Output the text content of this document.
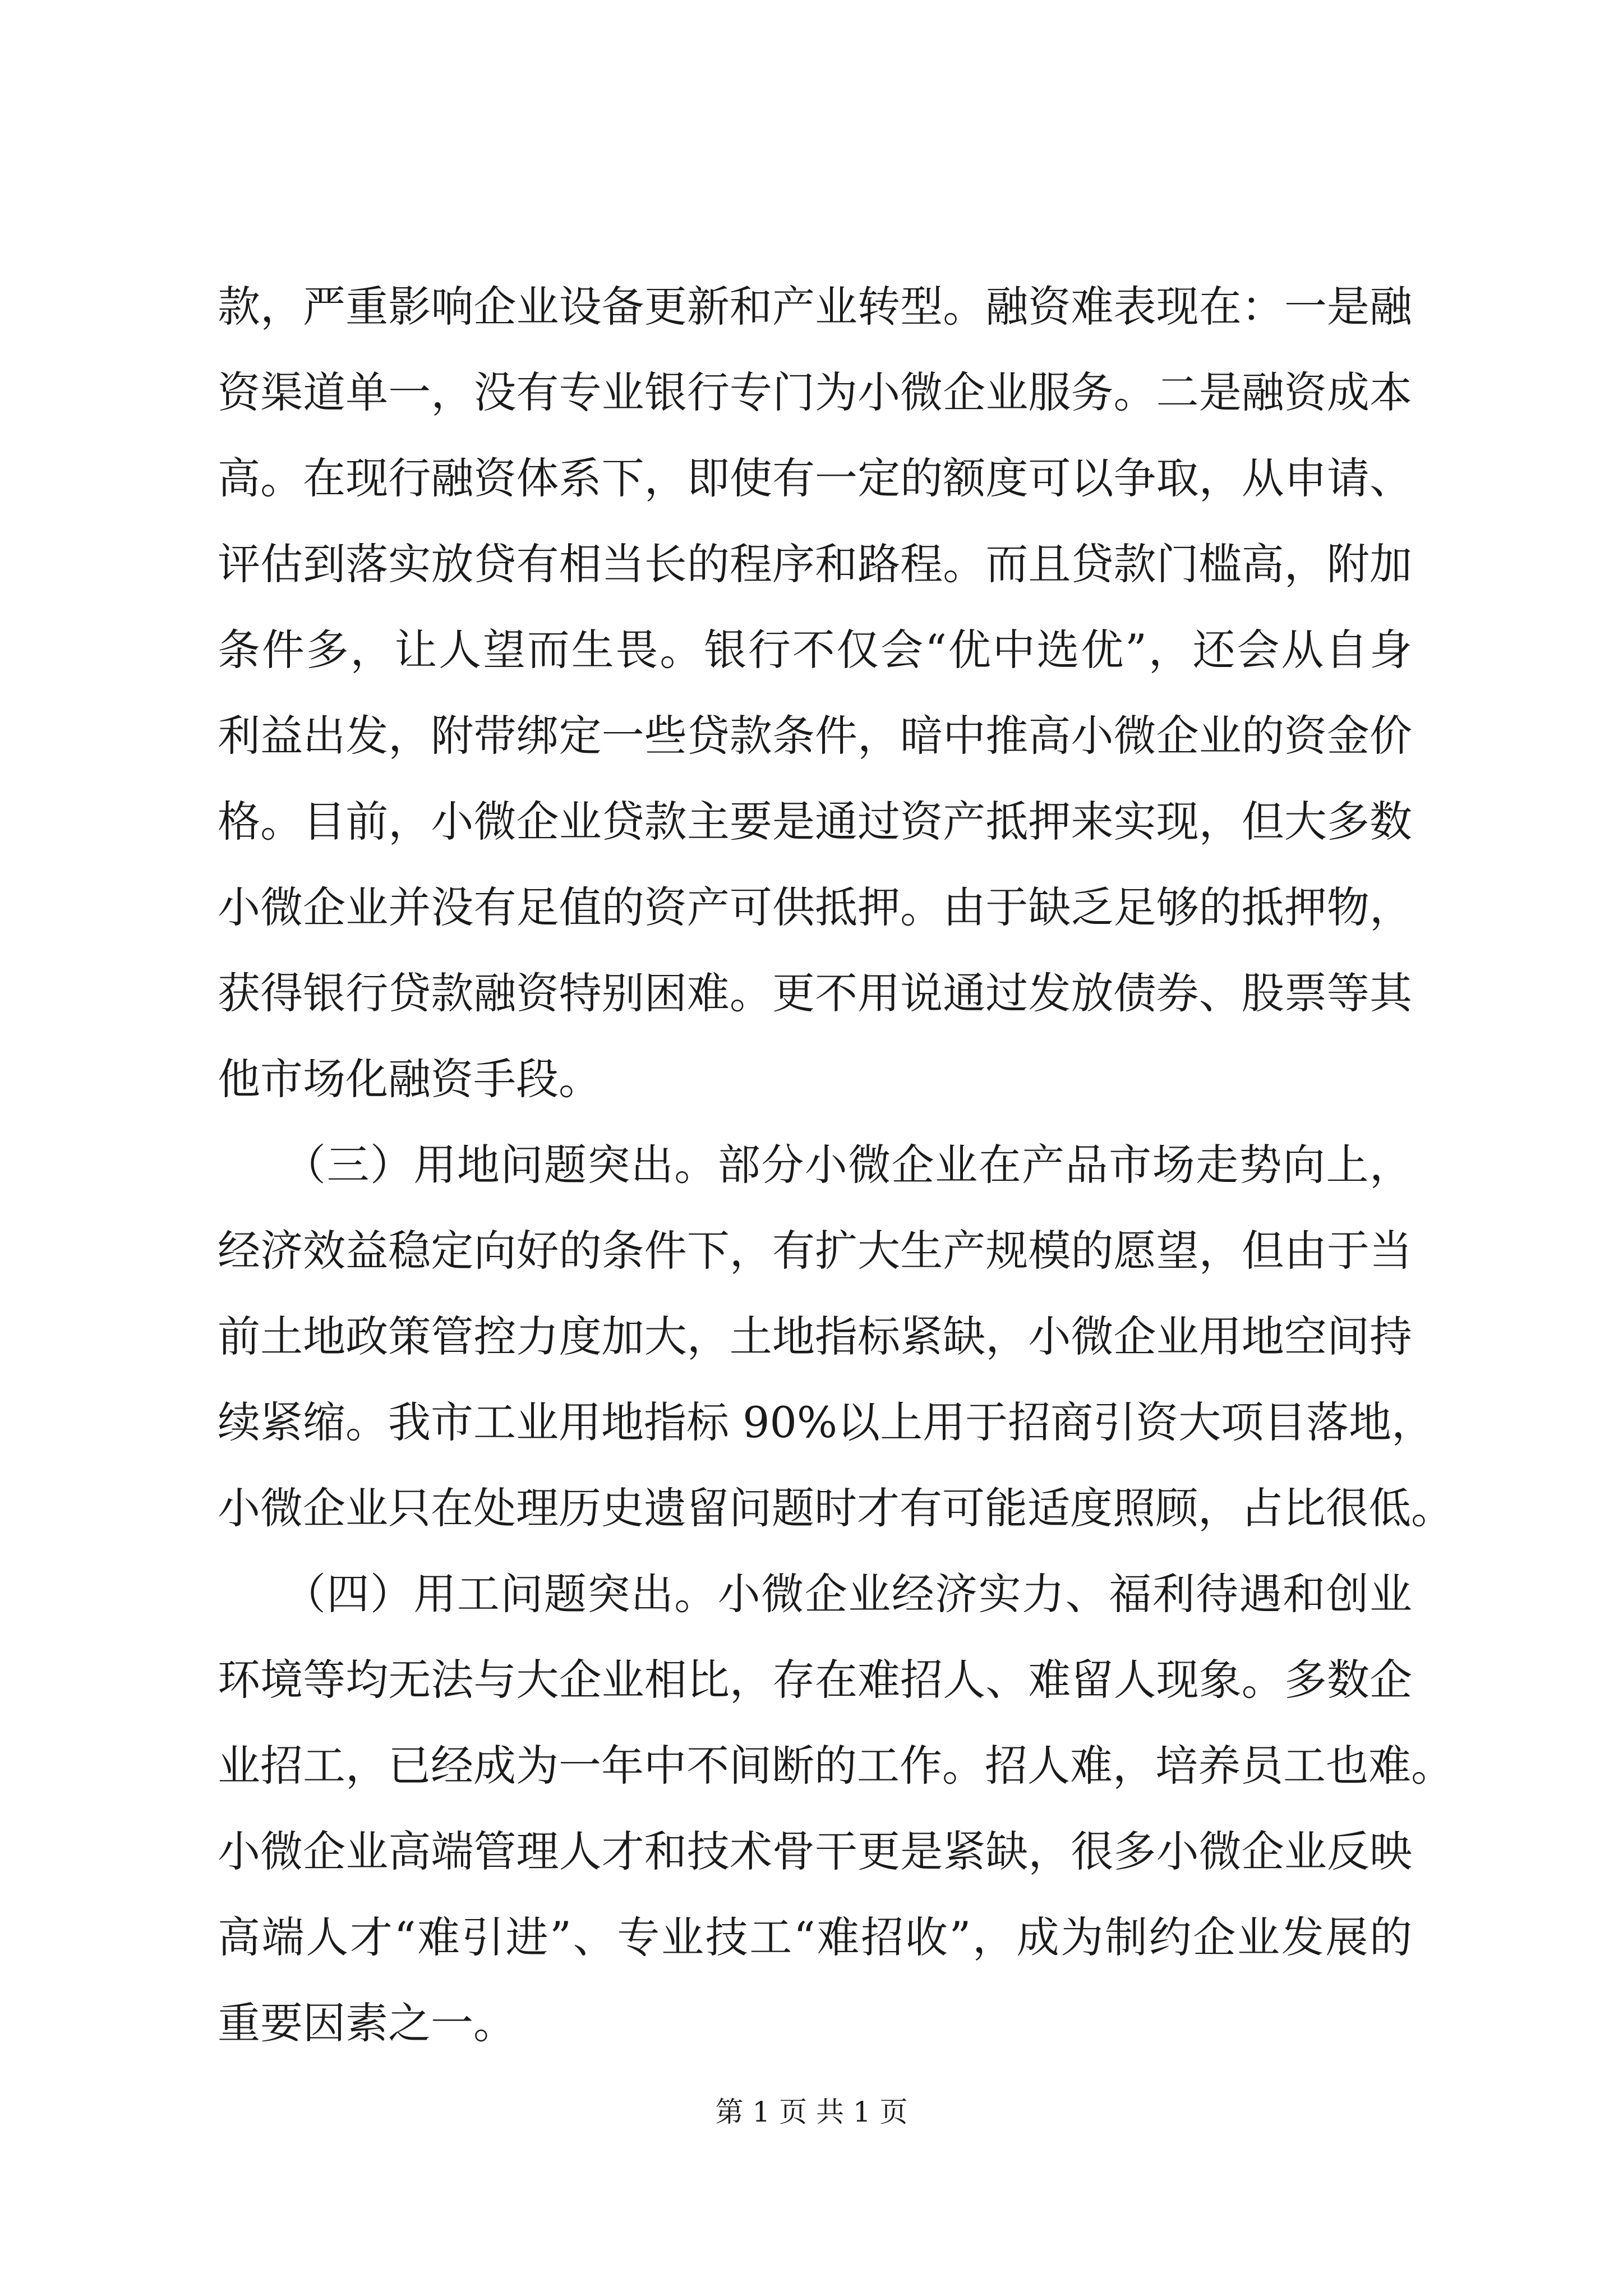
款，严重影响企业设备更新和产业转型。融资难表现在：一是融
资渠道单一，没有专业银行专门为小微企业服务。二是融资成本
高。在现行融资体系下，即使有一定的额度可以争取，从申请、
评估到落实放贷有相当长的程序和路程。而且贷款门槛高，附加
条件多，让人望而生畏。银行不仅会“优中选优”，还会从自身
利益出发，附带绑定一些贷款条件，暗中推高小微企业的资金价
格。目前，小微企业贷款主要是通过资产抵押来实现，但大多数
小微企业并没有足值的资产可供抵押。由于缺乏足够的抵押物，
获得银行贷款融资特别困难。更不用说通过发放债券、股票等其
他市场化融资手段。
　　（三）用地问题突出。部分小微企业在产品市场走势向上，
经济效益稳定向好的条件下，有扩大生产规模的愿望，但由于当
前土地政策管控力度加大，土地指标紧缺，小微企业用地空间持
续紧缩。我市工业用地指标 90%以上用于招商引资大项目落地，
小微企业只在处理历史遗留问题时才有可能适度照顾，占比很低。
　　（四）用工问题突出。小微企业经济实力、福利待遇和创业
环境等均无法与大企业相比，存在难招人、难留人现象。多数企
业招工，已经成为一年中不间断的工作。招人难，培养员工也难。
小微企业高端管理人才和技术骨干更是紧缺，很多小微企业反映
高端人才“难引进”、专业技工“难招收”，成为制约企业发展的
重要因素之一。
第 1 页 共 1 页
